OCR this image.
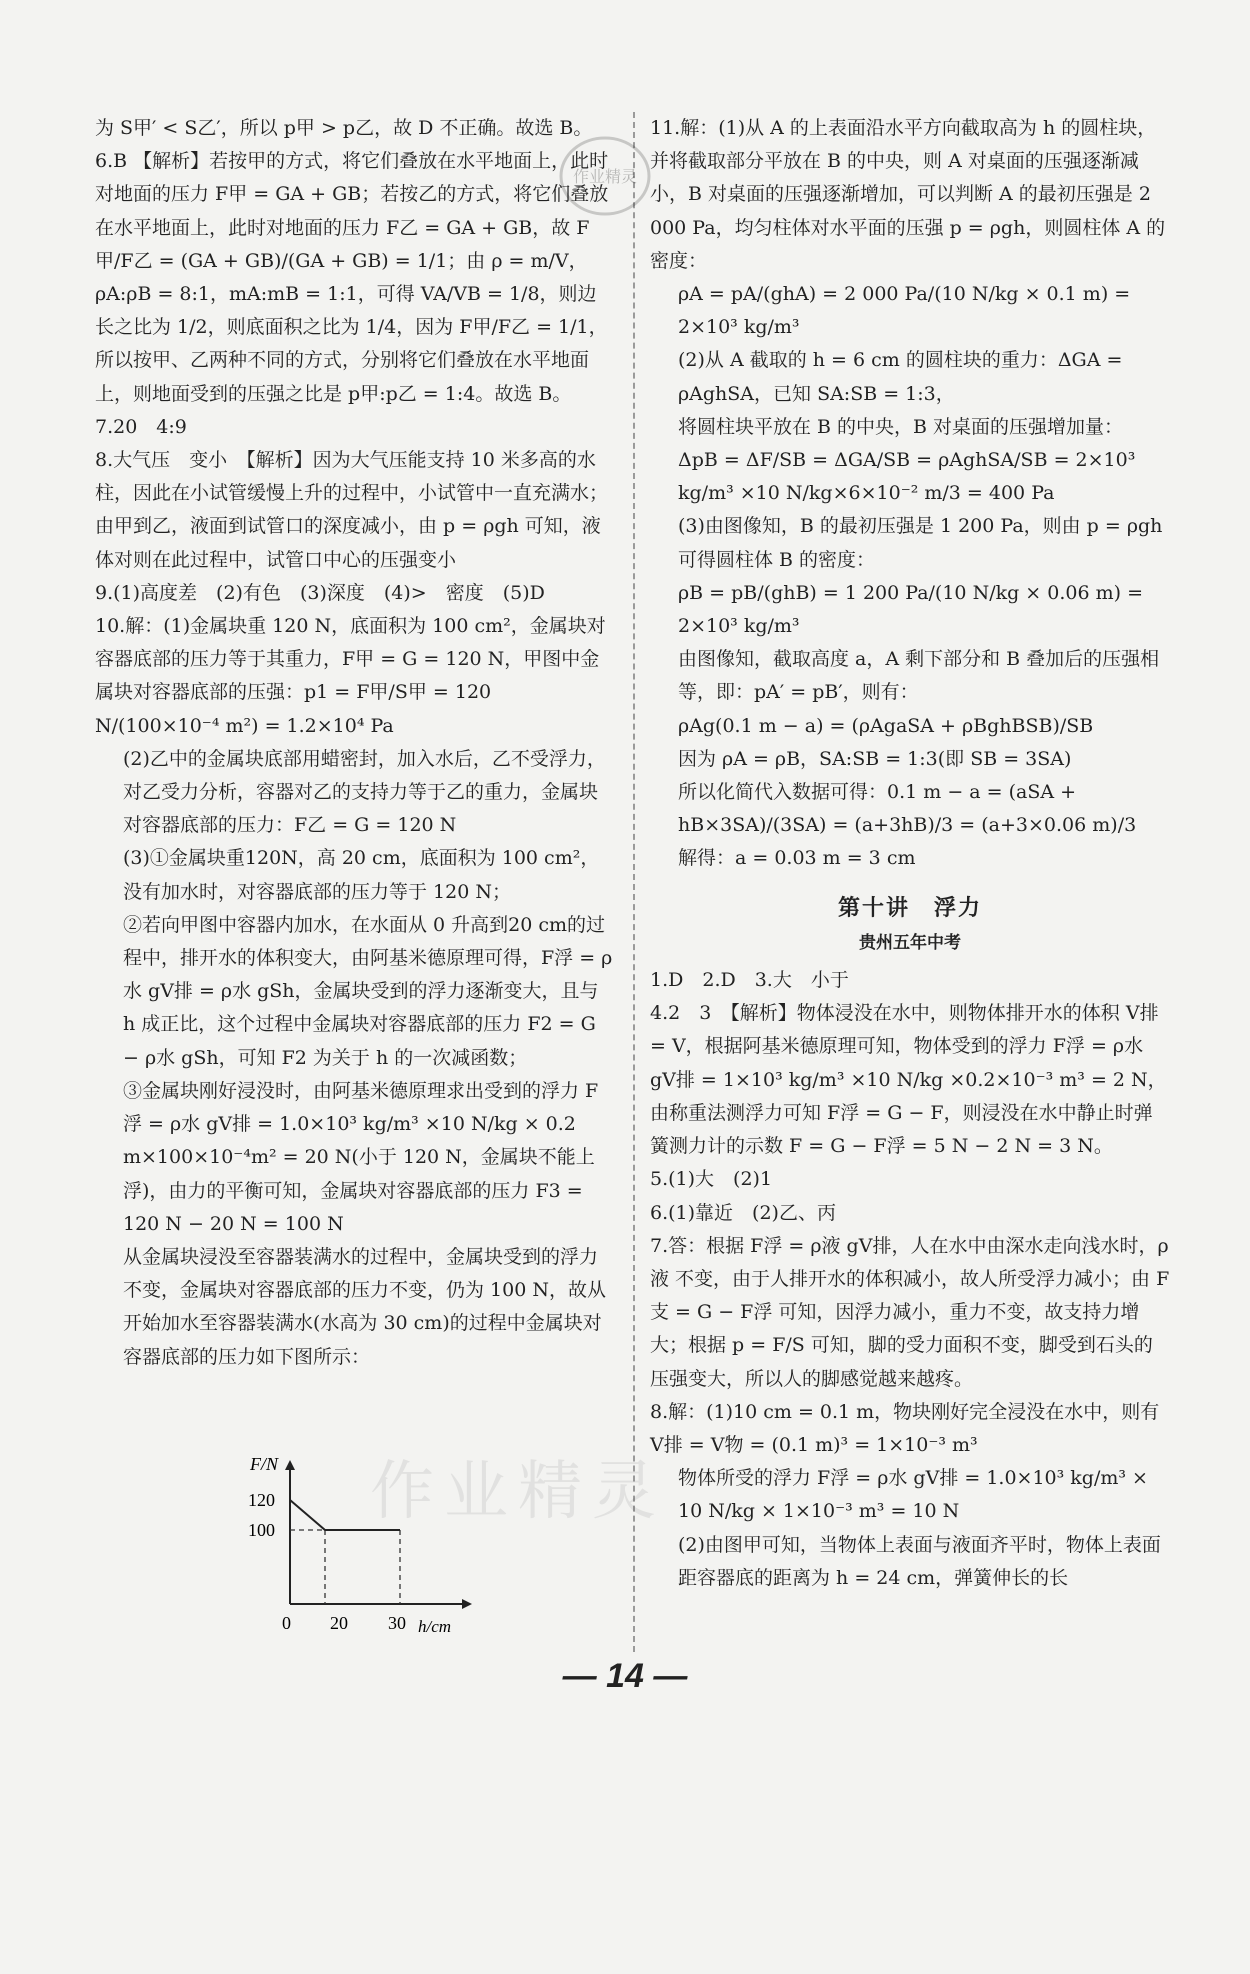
为 S甲′ < S乙′，所以 p甲 > p乙，故 D 不正确。故选 B。

6.B 【解析】若按甲的方式，将它们叠放在水平地面上，此时对地面的压力 F甲 = GA + GB；若按乙的方式，将它们叠放在水平地面上，此时对地面的压力 F乙 = GA + GB，故 F甲/F乙 = (GA + GB)/(GA + GB) = 1/1；由 ρ = m/V，ρA:ρB = 8:1，mA:mB = 1:1，可得 VA/VB = 1/8，则边长之比为 1/2，则底面积之比为 1/4，因为 F甲/F乙 = 1/1，所以按甲、乙两种不同的方式，分别将它们叠放在水平地面上，则地面受到的压强之比是 p甲:p乙 = 1:4。故选 B。

7.20　4:9

8.大气压　变小　【解析】因为大气压能支持 10 米多高的水柱，因此在小试管缓慢上升的过程中，小试管中一直充满水；由甲到乙，液面到试管口的深度减小，由 p = ρgh 可知，液体对则在此过程中，试管口中心的压强变小

9.(1)高度差　(2)有色　(3)深度　(4)>　密度　(5)D

10.解：(1)金属块重 120 N，底面积为 100 cm²，金属块对容器底部的压力等于其重力，F甲 = G = 120 N，甲图中金属块对容器底部的压强：p1 = F甲/S甲 = 120 N/(100×10⁻⁴ m²) = 1.2×10⁴ Pa

(2)乙中的金属块底部用蜡密封，加入水后，乙不受浮力，对乙受力分析，容器对乙的支持力等于乙的重力，金属块对容器底部的压力：F乙 = G = 120 N

(3)①金属块重120N，高 20 cm，底面积为 100 cm²，没有加水时，对容器底部的压力等于 120 N；

②若向甲图中容器内加水，在水面从 0 升高到20 cm的过程中，排开水的体积变大，由阿基米德原理可得，F浮 = ρ水 gV排 = ρ水 gSh，金属块受到的浮力逐渐变大，且与 h 成正比，这个过程中金属块对容器底部的压力 F2 = G − ρ水 gSh，可知 F2 为关于 h 的一次减函数；

③金属块刚好浸没时，由阿基米德原理求出受到的浮力 F浮 = ρ水 gV排 = 1.0×10³ kg/m³ ×10 N/kg × 0.2 m×100×10⁻⁴m² = 20 N(小于 120 N，金属块不能上浮)，由力的平衡可知，金属块对容器底部的压力 F3 = 120 N − 20 N = 100 N

从金属块浸没至容器装满水的过程中，金属块受到的浮力不变，金属块对容器底部的压力不变，仍为 100 N，故从开始加水至容器装满水(水高为 30 cm)的过程中金属块对容器底部的压力如下图所示：

F/N
120
100
0 20 30 h/cm

11.解：(1)从 A 的上表面沿水平方向截取高为 h 的圆柱块，并将截取部分平放在 B 的中央，则 A 对桌面的压强逐渐减小，B 对桌面的压强逐渐增加，可以判断 A 的最初压强是 2 000 Pa，均匀柱体对水平面的压强 p = ρgh，则圆柱体 A 的密度：

ρA = pA/(ghA) = 2 000 Pa/(10 N/kg × 0.1 m) = 2×10³ kg/m³

(2)从 A 截取的 h = 6 cm 的圆柱块的重力：ΔGA = ρAghSA，已知 SA:SB = 1:3，

将圆柱块平放在 B 的中央，B 对桌面的压强增加量：

ΔpB = ΔF/SB = ΔGA/SB = ρAghSA/SB = 2×10³ kg/m³ ×10 N/kg×6×10⁻² m/3 = 400 Pa

(3)由图像知，B 的最初压强是 1 200 Pa，则由 p = ρgh 可得圆柱体 B 的密度：

ρB = pB/(ghB) = 1 200 Pa/(10 N/kg × 0.06 m) = 2×10³ kg/m³

由图像知，截取高度 a，A 剩下部分和 B 叠加后的压强相等，即：pA′ = pB′，则有：

ρAg(0.1 m − a) = (ρAgaSA + ρBghBSB)/SB

因为 ρA = ρB，SA:SB = 1:3(即 SB = 3SA)

所以化简代入数据可得：0.1 m − a = (aSA + hB×3SA)/(3SA) = (a+3hB)/3 = (a+3×0.06 m)/3

解得：a = 0.03 m = 3 cm

第十讲　浮力
贵州五年中考

1.D　2.D　3.大　小于

4.2　3　【解析】物体浸没在水中，则物体排开水的体积 V排 = V，根据阿基米德原理可知，物体受到的浮力 F浮 = ρ水 gV排 = 1×10³ kg/m³ ×10 N/kg ×0.2×10⁻³ m³ = 2 N，由称重法测浮力可知 F浮 = G − F，则浸没在水中静止时弹簧测力计的示数 F = G − F浮 = 5 N − 2 N = 3 N。

5.(1)大　(2)1

6.(1)靠近　(2)乙、丙

7.答：根据 F浮 = ρ液 gV排，人在水中由深水走向浅水时，ρ液 不变，由于人排开水的体积减小，故人所受浮力减小；由 F支 = G − F浮 可知，因浮力减小，重力不变，故支持力增大；根据 p = F/S 可知，脚的受力面积不变，脚受到石头的压强变大，所以人的脚感觉越来越疼。

8.解：(1)10 cm = 0.1 m，物块刚好完全浸没在水中，则有 V排 = V物 = (0.1 m)³ = 1×10⁻³ m³

物体所受的浮力 F浮 = ρ水 gV排 = 1.0×10³ kg/m³ × 10 N/kg × 1×10⁻³ m³ = 10 N

(2)由图甲可知，当物体上表面与液面齐平时，物体上表面距容器底的距离为 h = 24 cm，弹簧伸长的长

作业精灵
作业精灵
— 14 —
